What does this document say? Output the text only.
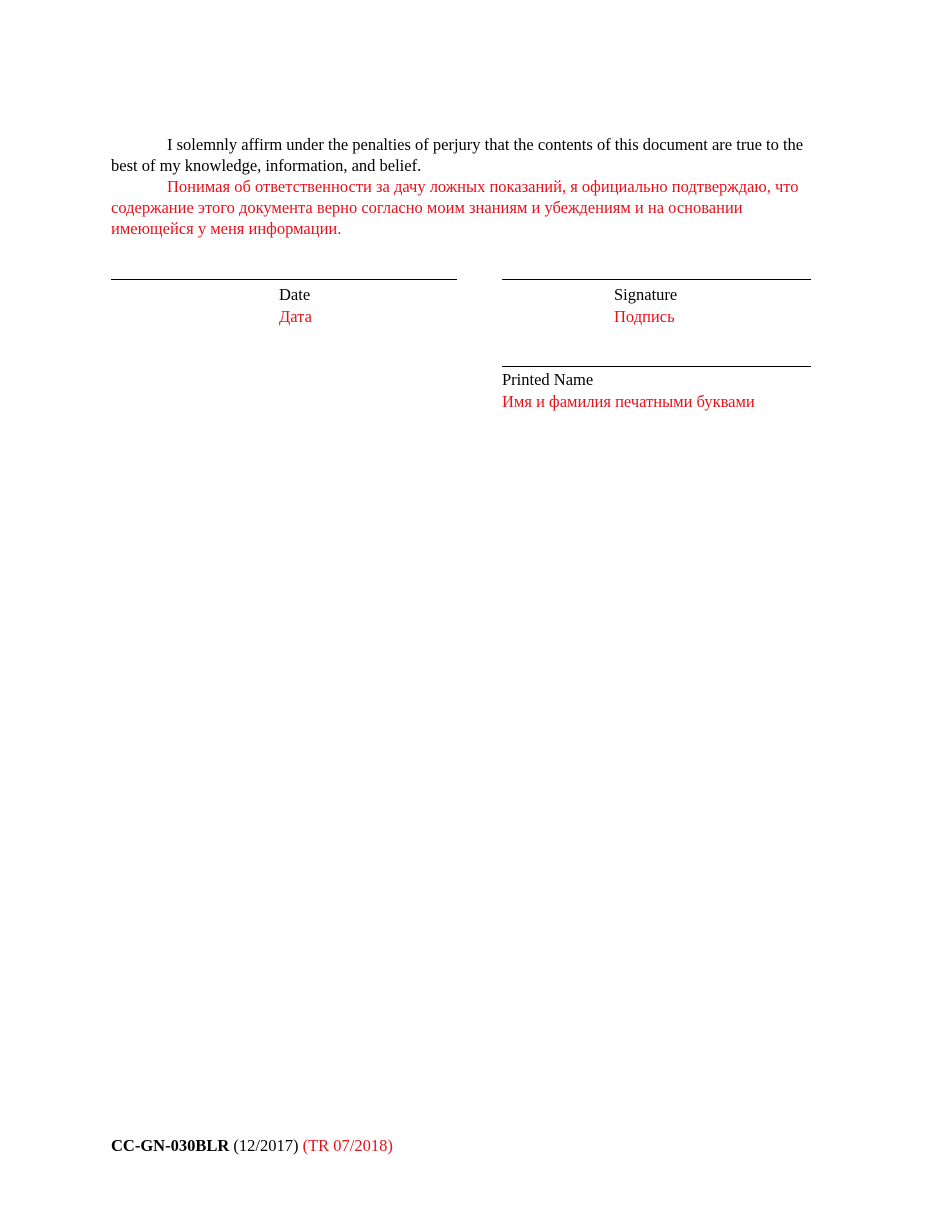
I solemnly affirm under the penalties of perjury that the contents of this document are true to the best of my knowledge, information, and belief.

Понимая об ответственности за дачу ложных показаний, я официально подтверждаю, что содержание этого документа верно согласно моим знаниям и убеждениям и на основании имеющейся у меня информации.

Date
Дата
Signature
Подпись
Printed Name
Имя и фамилия печатными буквами
CC-GN-030BLR (12/2017) (TR 07/2018)
